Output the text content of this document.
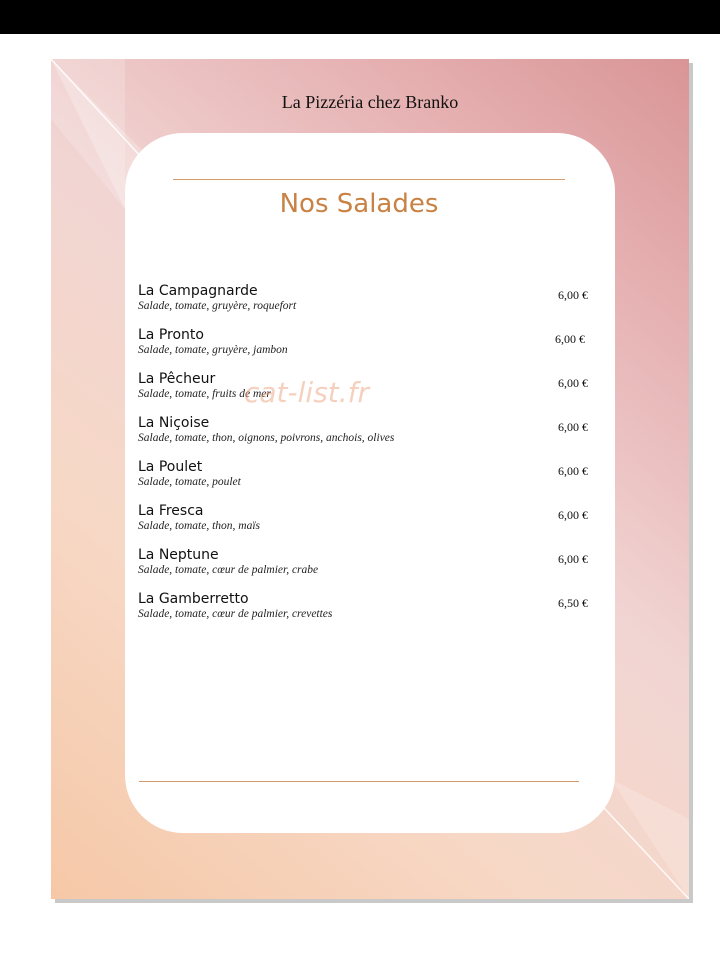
La Pizzéria chez Branko
Nos Salades
La Campagnarde
Salade, tomate, gruyère, roquefort
6,00 €
La Pronto
Salade, tomate, gruyère, jambon
6,00 €
La Pêcheur
Salade, tomate, fruits de mer
6,00 €
La Niçoise
Salade, tomate, thon, oignons, poivrons, anchois, olives
6,00 €
La Poulet
Salade, tomate, poulet
6,00 €
La Fresca
Salade, tomate, thon, maïs
6,00 €
La Neptune
Salade, tomate, cœur de palmier, crabe
6,00 €
La Gamberretto
Salade, tomate, cœur de palmier, crevettes
6,50 €
cat-list.fr
